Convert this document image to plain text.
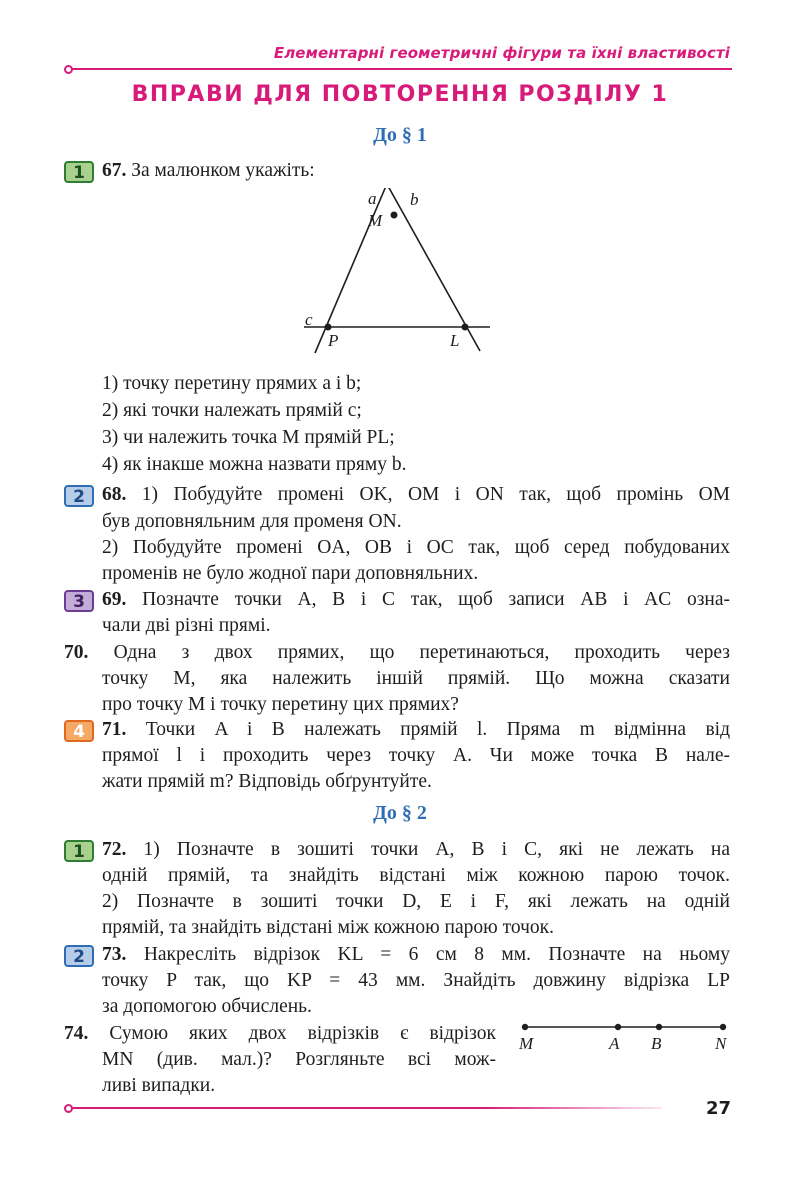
Елементарні геометричні фігури та їхні властивості
ВПРАВИ ДЛЯ ПОВТОРЕННЯ РОЗДІЛУ 1
До § 1
1 67. За малюнком укажіть:
a b
M
c
P	L
1) точку перетину прямих a і b;
2) які точки належать прямій c;
3) чи належить точка M прямій PL;
4) як інакше можна назвати пряму b.
2 68. 1) Побудуйте промені OK, OM і ON так, щоб промінь OM
був доповняльним для променя ON.
2) Побудуйте промені OA, OB і OC так, щоб серед побудованих
променів не було жодної пари доповняльних.
3 69. Позначте точки A, B і C так, щоб записи AB і AC озна-
чали дві різні прямі.
70. Одна з двох прямих, що перетинаються, проходить через
точку M, яка належить іншій прямій. Що можна сказати
про точку M і точку перетину цих прямих?
4 71. Точки A і B належать прямій l. Пряма m відмінна від
прямої l і проходить через точку A. Чи може точка B нале-
жати прямій m? Відповідь обґрунтуйте.
До § 2
1 72. 1) Позначте в зошиті точки A, B і C, які не лежать на
одній прямій, та знайдіть відстані між кожною парою точок.
2) Позначте в зошиті точки D, E і F, які лежать на одній
прямій, та знайдіть відстані між кожною парою точок.
2 73. Накресліть відрізок KL = 6 см 8 мм. Позначте на ньому
точку P так, що KP = 43 мм. Знайдіть довжину відрізка LP
за допомогою обчислень.
74. Сумою яких двох відрізків є відрізок
MN (див. мал.)? Розгляньте всі мож-
ливі випадки.
M	A B	N
27
